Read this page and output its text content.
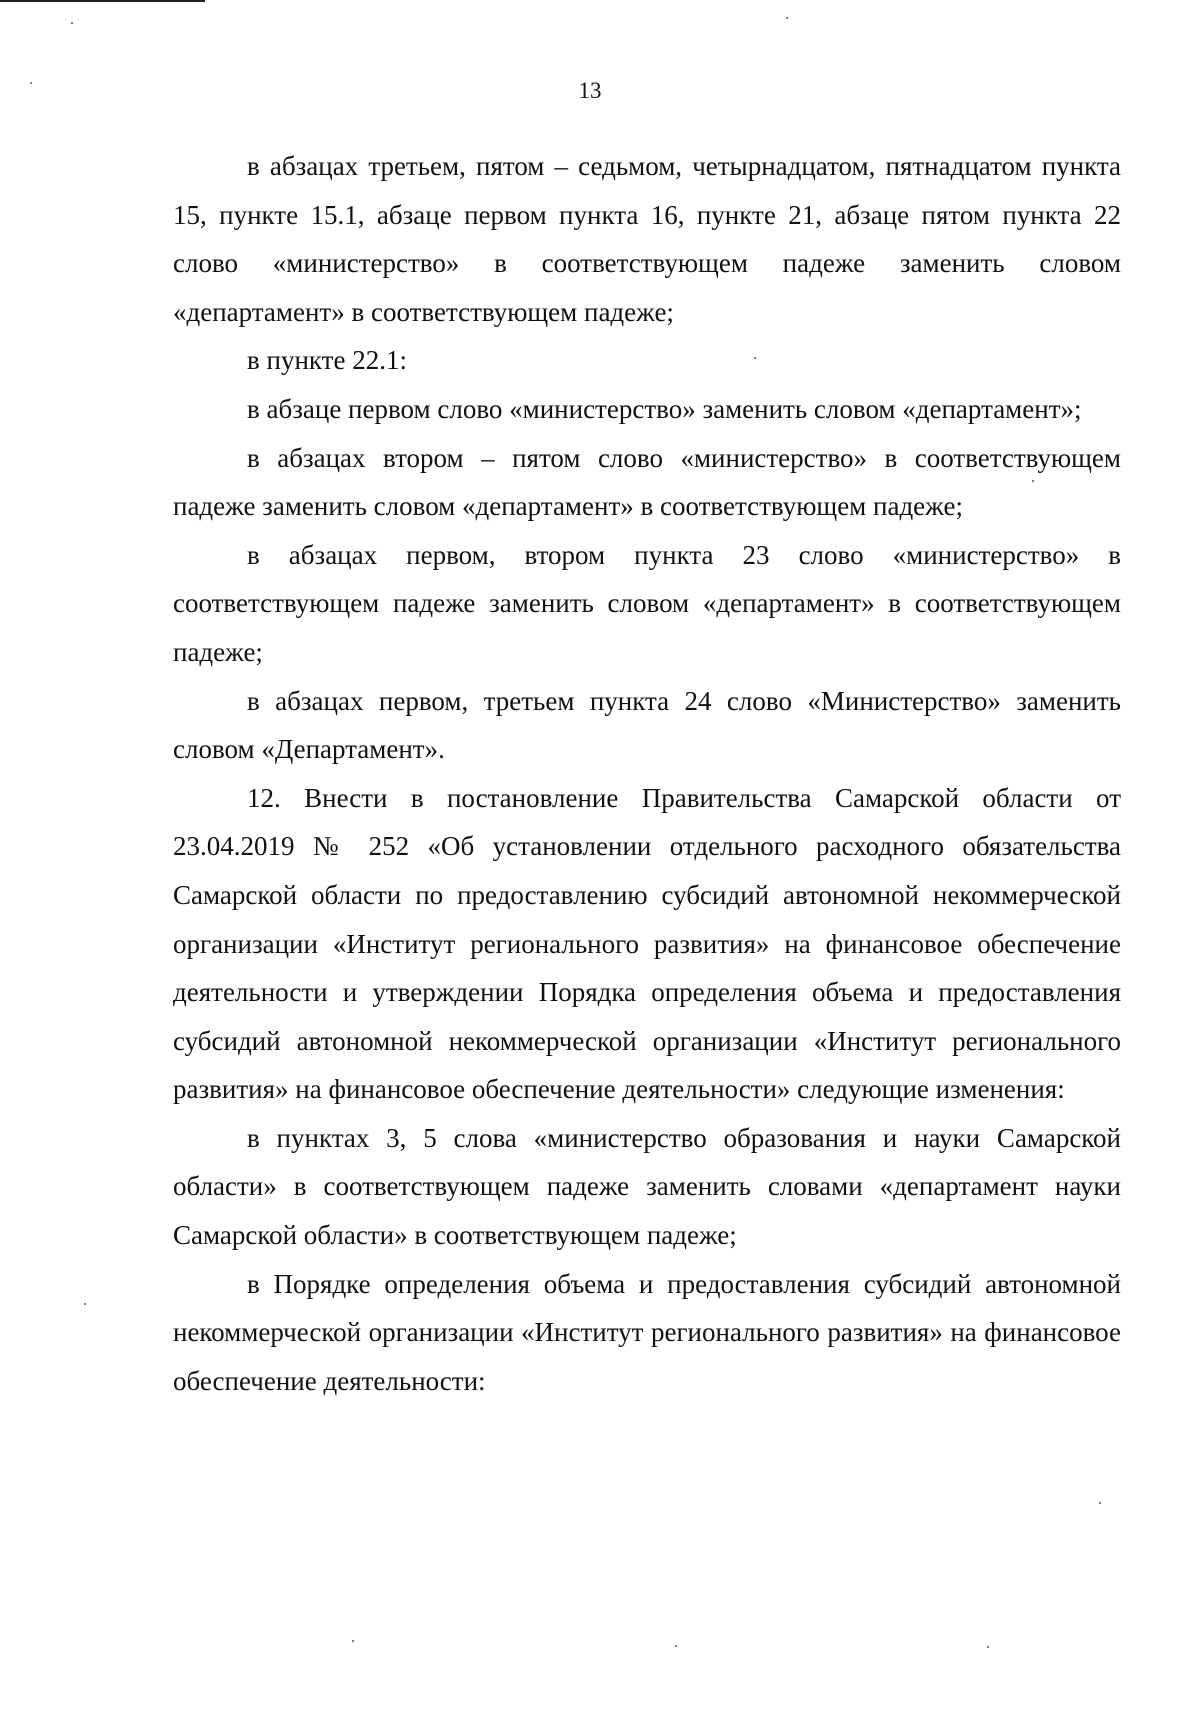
13

в абзацах третьем, пятом – седьмом, четырнадцатом, пятнадцатом пункта 15, пункте 15.1, абзаце первом пункта 16, пункте 21, абзаце пятом пункта 22 слово «министерство» в соответствующем падеже заменить словом «департамент» в соответствующем падеже;

в пункте 22.1:

в абзаце первом слово «министерство» заменить словом «департамент»;

в абзацах втором – пятом слово «министерство» в соответствующем падеже заменить словом «департамент» в соответствующем падеже;

в абзацах первом, втором пункта 23 слово «министерство» в соответствующем падеже заменить словом «департамент» в соответствующем падеже;

в абзацах первом, третьем пункта 24 слово «Министерство» заменить словом «Департамент».

12. Внести в постановление Правительства Самарской области от 23.04.2019 № 252 «Об установлении отдельного расходного обязательства Самарской области по предоставлению субсидий автономной некоммерческой организации «Институт регионального развития» на финансовое обеспечение деятельности и утверждении Порядка определения объема и предоставления субсидий автономной некоммерческой организации «Институт регионального развития» на финансовое обеспечение деятельности» следующие изменения:

в пунктах 3, 5 слова «министерство образования и науки Самарской области» в соответствующем падеже заменить словами «департамент науки Самарской области» в соответствующем падеже;

в Порядке определения объема и предоставления субсидий автономной некоммерческой организации «Институт регионального развития» на финансовое обеспечение деятельности:
